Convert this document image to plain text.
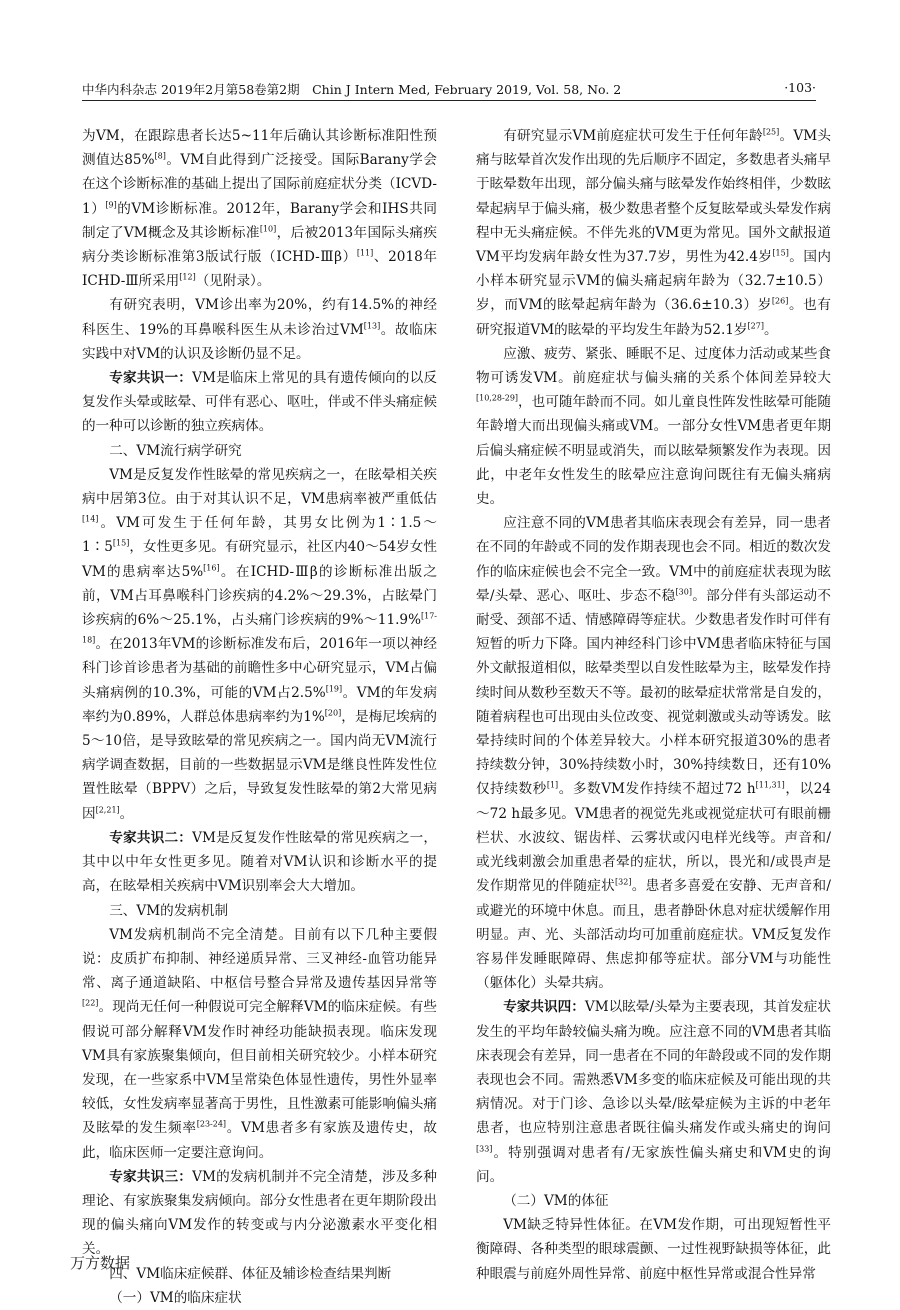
中华内科杂志 2019年2月第58卷第2期　Chin J Intern Med, February 2019, Vol. 58, No. 2	·103·
为VM，在跟踪患者长达5~11年后确认其诊断标准阳性预测值达85%[8]。VM自此得到广泛接受。国际Barany学会在这个诊断标准的基础上提出了国际前庭症状分类（ICVD-1）[9]的VM诊断标准。2012年，Barany学会和IHS共同制定了VM概念及其诊断标准[10]，后被2013年国际头痛疾病分类诊断标准第3版试行版（ICHD-Ⅲβ）[11]、2018年ICHD-Ⅲ所采用[12]（见附录）。
有研究表明，VM诊出率为20%，约有14.5%的神经科医生、19%的耳鼻喉科医生从未诊治过VM[13]。故临床实践中对VM的认识及诊断仍显不足。
专家共识一：VM是临床上常见的具有遗传倾向的以反复发作头晕或眩晕、可伴有恶心、呕吐，伴或不伴头痛症候的一种可以诊断的独立疾病体。
二、VM流行病学研究
VM是反复发作性眩晕的常见疾病之一，在眩晕相关疾病中居第3位。由于对其认识不足，VM患病率被严重低估[14]。VM可发生于任何年龄，其男女比例为1∶1.5～1∶5[15]，女性更多见。有研究显示，社区内40～54岁女性VM的患病率达5%[16]。在ICHD-Ⅲβ的诊断标准出版之前，VM占耳鼻喉科门诊疾病的4.2%～29.3%，占眩晕门诊疾病的6%～25.1%，占头痛门诊疾病的9%～11.9%[17-18]。在2013年VM的诊断标准发布后，2016年一项以神经科门诊首诊患者为基础的前瞻性多中心研究显示，VM占偏头痛病例的10.3%，可能的VM占2.5%[19]。VM的年发病率约为0.89%，人群总体患病率约为1%[20]，是梅尼埃病的5～10倍，是导致眩晕的常见疾病之一。国内尚无VM流行病学调查数据，目前的一些数据显示VM是继良性阵发性位置性眩晕（BPPV）之后，导致复发性眩晕的第2大常见病因[2,21]。
专家共识二：VM是反复发作性眩晕的常见疾病之一，其中以中年女性更多见。随着对VM认识和诊断水平的提高，在眩晕相关疾病中VM识别率会大大增加。
三、VM的发病机制
VM发病机制尚不完全清楚。目前有以下几种主要假说：皮质扩布抑制、神经递质异常、三叉神经-血管功能异常、离子通道缺陷、中枢信号整合异常及遗传基因异常等[22]。现尚无任何一种假说可完全解释VM的临床症候。有些假说可部分解释VM发作时神经功能缺损表现。临床发现VM具有家族聚集倾向，但目前相关研究较少。小样本研究发现，在一些家系中VM呈常染色体显性遗传，男性外显率较低，女性发病率显著高于男性，且性激素可能影响偏头痛及眩晕的发生频率[23-24]。VM患者多有家族及遗传史，故此，临床医师一定要注意询问。
专家共识三：VM的发病机制并不完全清楚，涉及多种理论、有家族聚集发病倾向。部分女性患者在更年期阶段出现的偏头痛向VM发作的转变或与内分泌激素水平变化相关。
四、VM临床症候群、体征及辅诊检查结果判断
（一）VM的临床症状
有研究显示VM前庭症状可发生于任何年龄[25]。VM头痛与眩晕首次发作出现的先后顺序不固定，多数患者头痛早于眩晕数年出现，部分偏头痛与眩晕发作始终相伴，少数眩晕起病早于偏头痛，极少数患者整个反复眩晕或头晕发作病程中无头痛症候。不伴先兆的VM更为常见。国外文献报道VM平均发病年龄女性为37.7岁，男性为42.4岁[15]。国内小样本研究显示VM的偏头痛起病年龄为（32.7±10.5）岁，而VM的眩晕起病年龄为（36.6±10.3）岁[26]。也有研究报道VM的眩晕的平均发生年龄为52.1岁[27]。
应激、疲劳、紧张、睡眠不足、过度体力活动或某些食物可诱发VM。前庭症状与偏头痛的关系个体间差异较大[10,28-29]，也可随年龄而不同。如儿童良性阵发性眩晕可能随年龄增大而出现偏头痛或VM。一部分女性VM患者更年期后偏头痛症候不明显或消失，而以眩晕频繁发作为表现。因此，中老年女性发生的眩晕应注意询问既往有无偏头痛病史。
应注意不同的VM患者其临床表现会有差异，同一患者在不同的年龄或不同的发作期表现也会不同。相近的数次发作的临床症候也会不完全一致。VM中的前庭症状表现为眩晕/头晕、恶心、呕吐、步态不稳[30]。部分伴有头部运动不耐受、颈部不适、情感障碍等症状。少数患者发作时可伴有短暂的听力下降。国内神经科门诊中VM患者临床特征与国外文献报道相似，眩晕类型以自发性眩晕为主，眩晕发作持续时间从数秒至数天不等。最初的眩晕症状常常是自发的，随着病程也可出现由头位改变、视觉刺激或头动等诱发。眩晕持续时间的个体差异较大。小样本研究报道30%的患者持续数分钟，30%持续数小时，30%持续数日，还有10%仅持续数秒[1]。多数VM发作持续不超过72 h[11,31]，以24～72 h最多见。VM患者的视觉先兆或视觉症状可有眼前栅栏状、水波纹、锯齿样、云雾状或闪电样光线等。声音和/或光线刺激会加重患者晕的症状，所以，畏光和/或畏声是发作期常见的伴随症状[32]。患者多喜爱在安静、无声音和/或避光的环境中休息。而且，患者静卧休息对症状缓解作用明显。声、光、头部活动均可加重前庭症状。VM反复发作容易伴发睡眠障碍、焦虑抑郁等症状。部分VM与功能性（躯体化）头晕共病。
专家共识四：VM以眩晕/头晕为主要表现，其首发症状发生的平均年龄较偏头痛为晚。应注意不同的VM患者其临床表现会有差异，同一患者在不同的年龄段或不同的发作期表现也会不同。需熟悉VM多变的临床症候及可能出现的共病情况。对于门诊、急诊以头晕/眩晕症候为主诉的中老年患者，也应特别注意患者既往偏头痛发作或头痛史的询问[33]。特别强调对患者有/无家族性偏头痛史和VM史的询问。
（二）VM的体征
VM缺乏特异性体征。在VM发作期，可出现短暂性平衡障碍、各种类型的眼球震颤、一过性视野缺损等体征，此种眼震与前庭外周性异常、前庭中枢性异常或混合性异常
万方数据
